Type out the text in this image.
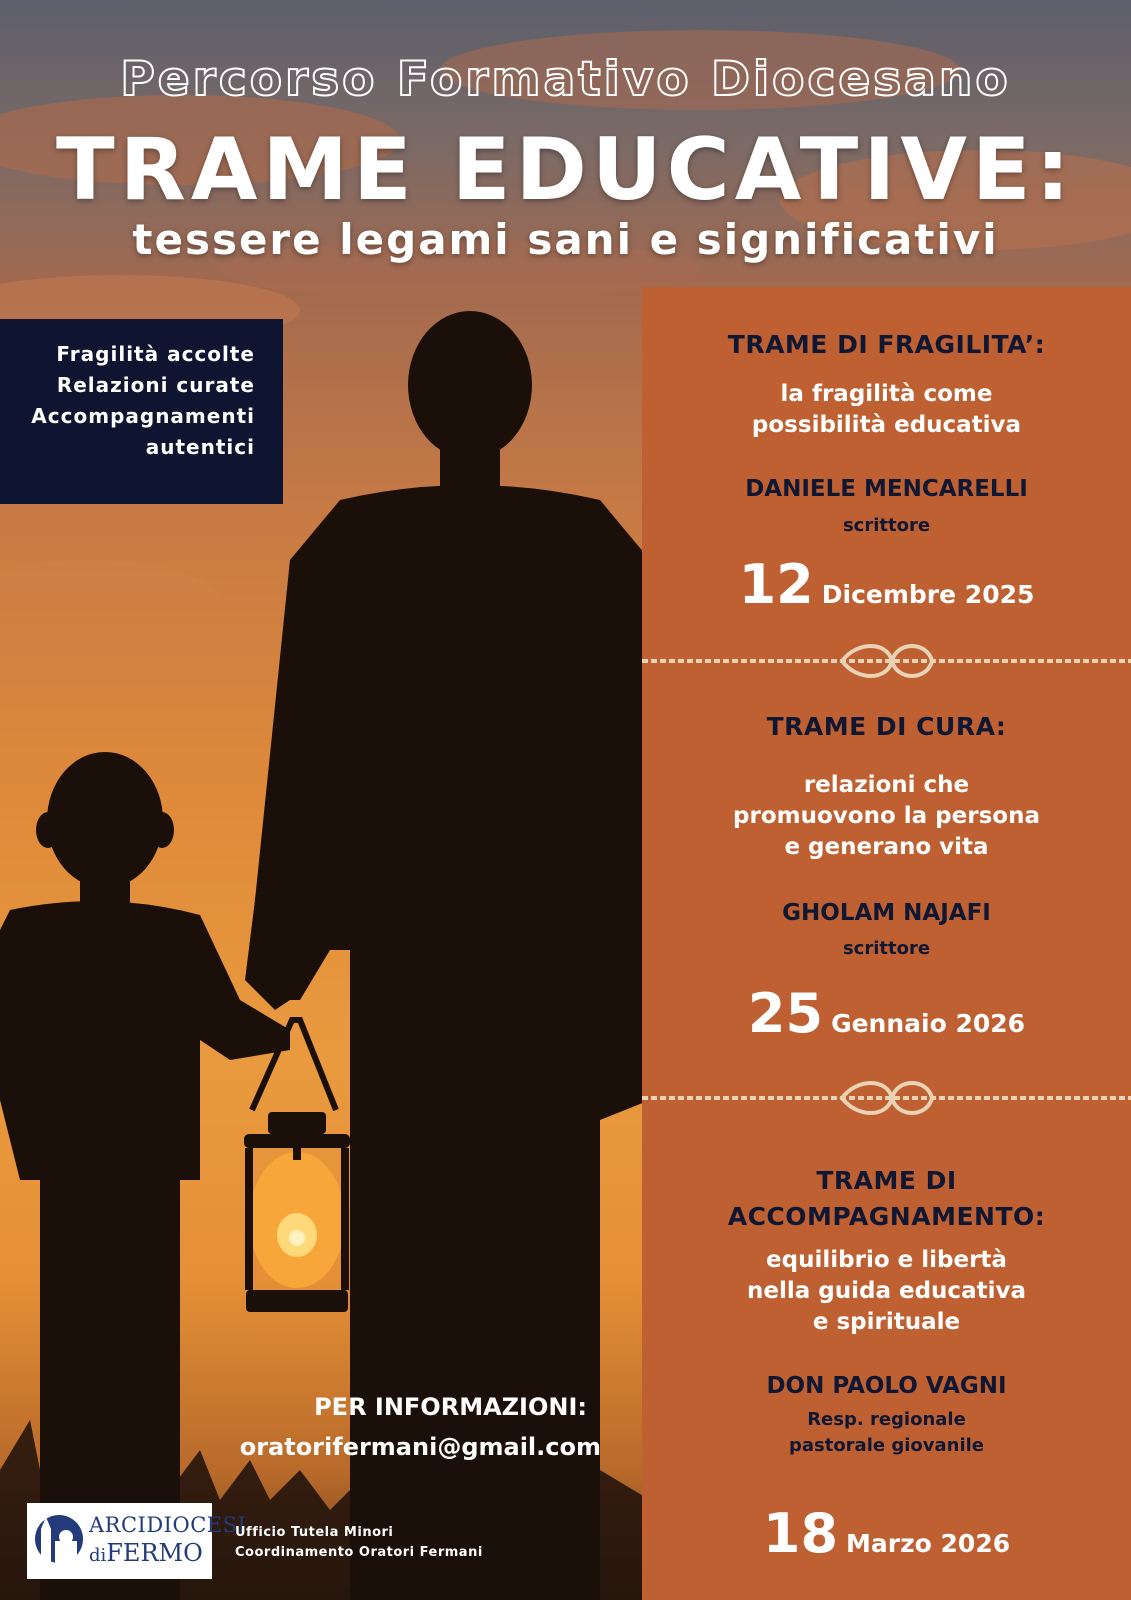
Percorso Formativo Diocesano
TRAME EDUCATIVE:
tessere legami sani e significativi
Fragilità accolte
Relazioni curate
Accompagnamenti
autentici
TRAME DI FRAGILITA’:
la fragilità come
possibilità educativa
DANIELE MENCARELLI
scrittore
12 Dicembre 2025
TRAME DI CURA:
relazioni che
promuovono la persona
e generano vita
GHOLAM NAJAFI
scrittore
25 Gennaio 2026
TRAME DI
ACCOMPAGNAMENTO:
equilibrio e libertà
nella guida educativa
e spirituale
DON PAOLO VAGNI
Resp. regionale
pastorale giovanile
18 Marzo 2026
PER INFORMAZIONI:
oratorifermani@gmail.com
ARCIDIOCESI
diFERMO
Ufficio Tutela Minori
Coordinamento Oratori Fermani
